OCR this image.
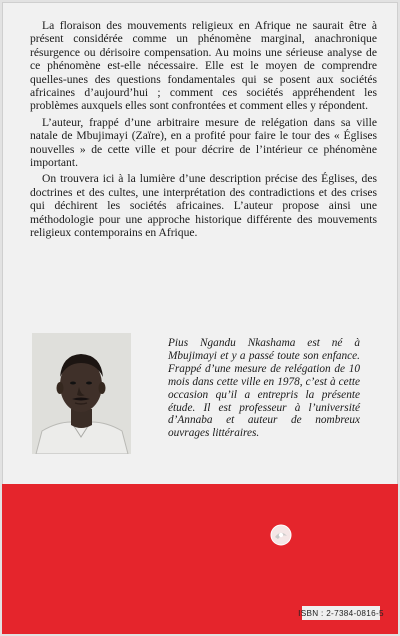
La floraison des mouvements religieux en Afrique ne saurait être à présent considérée comme un phénomène marginal, anachronique résurgence ou dérisoire compensation. Au moins une sérieuse analyse de ce phénomène est-elle nécessaire. Elle est le moyen de comprendre quelles-unes des questions fondamentales qui se posent aux sociétés africaines d’aujourd’hui ; comment ces sociétés appréhendent les problèmes auxquels elles sont confrontées et comment elles y répondent.

L’auteur, frappé d’une arbitraire mesure de relégation dans sa ville natale de Mbujimayi (Zaïre), en a profité pour faire le tour des « Églises nouvelles » de cette ville et pour décrire de l’intérieur ce phénomène important.

On trouvera ici à la lumière d’une description précise des Églises, des doctrines et des cultes, une interprétation des contradictions et des crises qui déchirent les sociétés africaines. L’auteur propose ainsi une méthodologie pour une approche historique différente des mouvements religieux contemporains en Afrique.

Pius Ngandu Nkashama est né à Mbujimayi et y a passé toute son enfance. Frappé d’une mesure de relégation de 10 mois dans cette ville en 1978, c’est à cette occasion qu’il a entrepris la présente étude. Il est professeur à l’université d’Annaba et auteur de nombreux ouvrages littéraires.
ISBN : 2-7384-0816-5
